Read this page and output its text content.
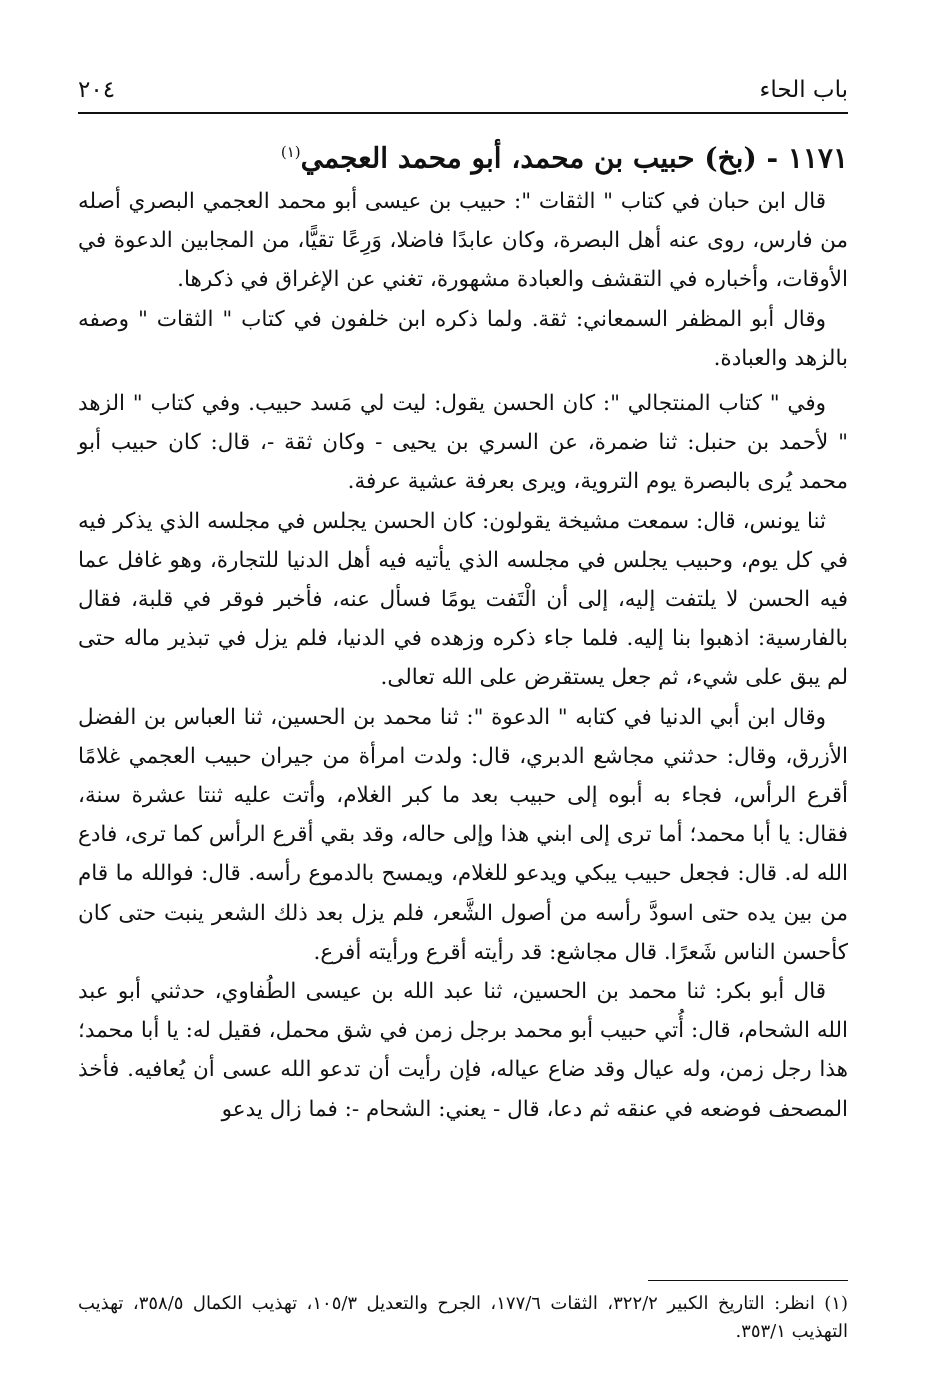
باب الحاء
٢٠٤
١١٧١ - (بخ) حبيب بن محمد، أبو محمد العجمي$^{(١)}$

قال ابن حبان في كتاب " الثقات ": حبيب بن عيسى أبو محمد العجمي البصري أصله من فارس، روى عنه أهل البصرة، وكان عابدًا فاضلا، وَرِعًا تقيًّا، من المجابين الدعوة في الأوقات، وأخباره في التقشف والعبادة مشهورة، تغني عن الإغراق في ذكرها.

وقال أبو المظفر السمعاني: ثقة. ولما ذكره ابن خلفون في كتاب " الثقات " وصفه بالزهد والعبادة.

وفي " كتاب المنتجالي ": كان الحسن يقول: ليت لي مَسد حبيب. وفي كتاب " الزهد " لأحمد بن حنبل: ثنا ضمرة، عن السري بن يحيى - وكان ثقة -، قال: كان حبيب أبو محمد يُرى بالبصرة يوم التروية، ويرى بعرفة عشية عرفة.

ثنا يونس، قال: سمعت مشيخة يقولون: كان الحسن يجلس في مجلسه الذي يذكر فيه في كل يوم، وحبيب يجلس في مجلسه الذي يأتيه فيه أهل الدنيا للتجارة، وهو غافل عما فيه الحسن لا يلتفت إليه، إلى أن الْتَفت يومًا فسأل عنه، فأخبر فوقر في قلبة، فقال بالفارسية: اذهبوا بنا إليه. فلما جاء ذكره وزهده في الدنيا، فلم يزل في تبذير ماله حتى لم يبق على شيء، ثم جعل يستقرض على الله تعالى.

وقال ابن أبي الدنيا في كتابه " الدعوة ": ثنا محمد بن الحسين، ثنا العباس بن الفضل الأزرق، وقال: حدثني مجاشع الدبري، قال: ولدت امرأة من جيران حبيب العجمي غلامًا أقرع الرأس، فجاء به أبوه إلى حبيب بعد ما كبر الغلام، وأتت عليه ثنتا عشرة سنة، فقال: يا أبا محمد؛ أما ترى إلى ابني هذا وإلى حاله، وقد بقي أقرع الرأس كما ترى، فادع الله له. قال: فجعل حبيب يبكي ويدعو للغلام، ويمسح بالدموع رأسه. قال: فوالله ما قام من بين يده حتى اسودَّ رأسه من أصول الشَّعر، فلم يزل بعد ذلك الشعر ينبت حتى كان كأحسن الناس شَعرًا. قال مجاشع: قد رأيته أقرع ورأيته أفرع.

قال أبو بكر: ثنا محمد بن الحسين، ثنا عبد الله بن عيسى الطُفاوي، حدثني أبو عبد الله الشحام، قال: أُتي حبيب أبو محمد برجل زمن في شق محمل، فقيل له: يا أبا محمد؛ هذا رجل زمن، وله عيال وقد ضاع عياله، فإن رأيت أن تدعو الله عسى أن يُعافيه. فأخذ المصحف فوضعه في عنقه ثم دعا، قال - يعني: الشحام -: فما زال يدعو

(١) انظر: التاريخ الكبير ٣٢٢/٢، الثقات ١٧٧/٦، الجرح والتعديل ١٠٥/٣، تهذيب الكمال ٣٥٨/٥، تهذيب التهذيب ٣٥٣/١.
